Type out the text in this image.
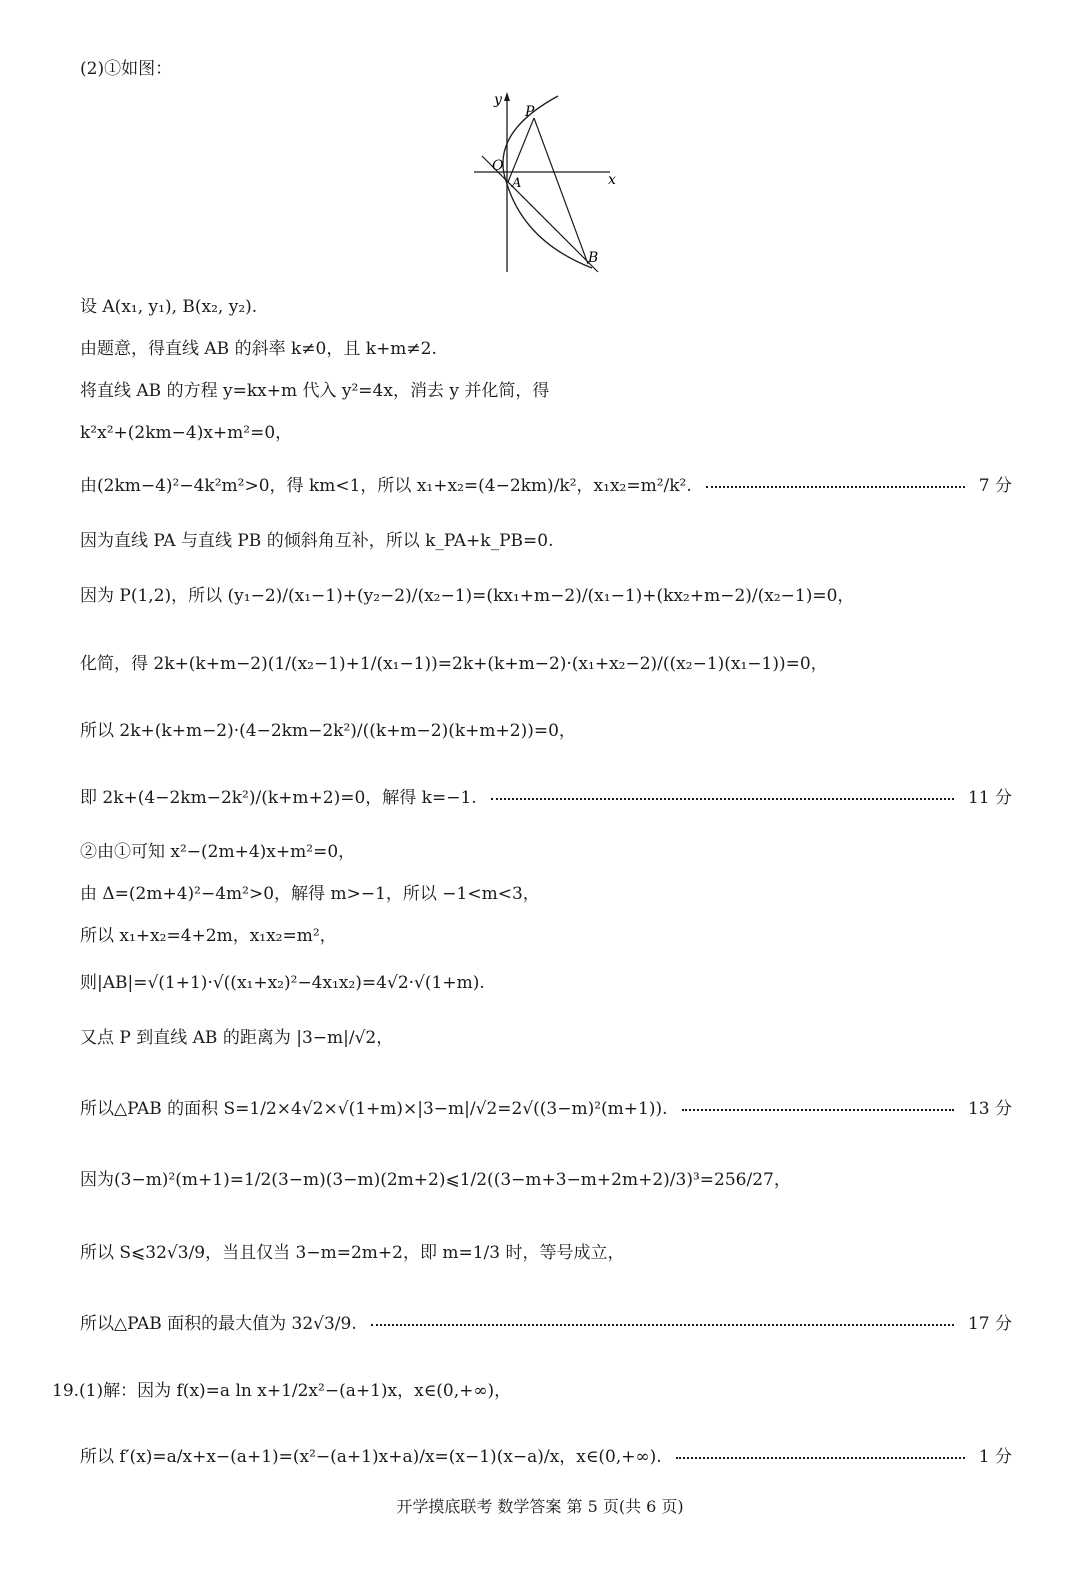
(2)①如图：
设 A(x₁, y₁), B(x₂, y₂).
由题意，得直线 AB 的斜率 k≠0，且 k+m≠2.
将直线 AB 的方程 y=kx+m 代入 y²=4x，消去 y 并化简，得
k²x²+(2km−4)x+m²=0，
由(2km−4)²−4k²m²>0，得 km<1，所以 x₁+x₂=(4−2km)/k²，x₁x₂=m²/k².	7 分
因为直线 PA 与直线 PB 的倾斜角互补，所以 k_PA+k_PB=0.
因为 P(1,2)，所以 (y₁−2)/(x₁−1)+(y₂−2)/(x₂−1)=(kx₁+m−2)/(x₁−1)+(kx₂+m−2)/(x₂−1)=0，
化简，得 2k+(k+m−2)(1/(x₂−1)+1/(x₁−1))=2k+(k+m−2)·(x₁+x₂−2)/((x₂−1)(x₁−1))=0，
所以 2k+(k+m−2)·(4−2km−2k²)/((k+m−2)(k+m+2))=0，
即 2k+(4−2km−2k²)/(k+m+2)=0，解得 k=−1.	11 分
②由①可知 x²−(2m+4)x+m²=0，
由 Δ=(2m+4)²−4m²>0，解得 m>−1，所以 −1<m<3，
所以 x₁+x₂=4+2m，x₁x₂=m²，
则|AB|=√(1+1)·√((x₁+x₂)²−4x₁x₂)=4√2·√(1+m).
又点 P 到直线 AB 的距离为 |3−m|/√2，
所以△PAB 的面积 S=1/2×4√2×√(1+m)×|3−m|/√2=2√((3−m)²(m+1)).	13 分
因为(3−m)²(m+1)=1/2(3−m)(3−m)(2m+2)⩽1/2((3−m+3−m+2m+2)/3)³=256/27，
所以 S⩽32√3/9，当且仅当 3−m=2m+2，即 m=1/3 时，等号成立，
所以△PAB 面积的最大值为 32√3/9.	17 分
19.(1)解：因为 f(x)=a ln x+1/2x²−(a+1)x，x∈(0,+∞)，
所以 f′(x)=a/x+x−(a+1)=(x²−(a+1)x+a)/x=(x−1)(x−a)/x，x∈(0,+∞).	1 分
y
x
O
P
A
B
开学摸底联考 数学答案 第 5 页(共 6 页)
